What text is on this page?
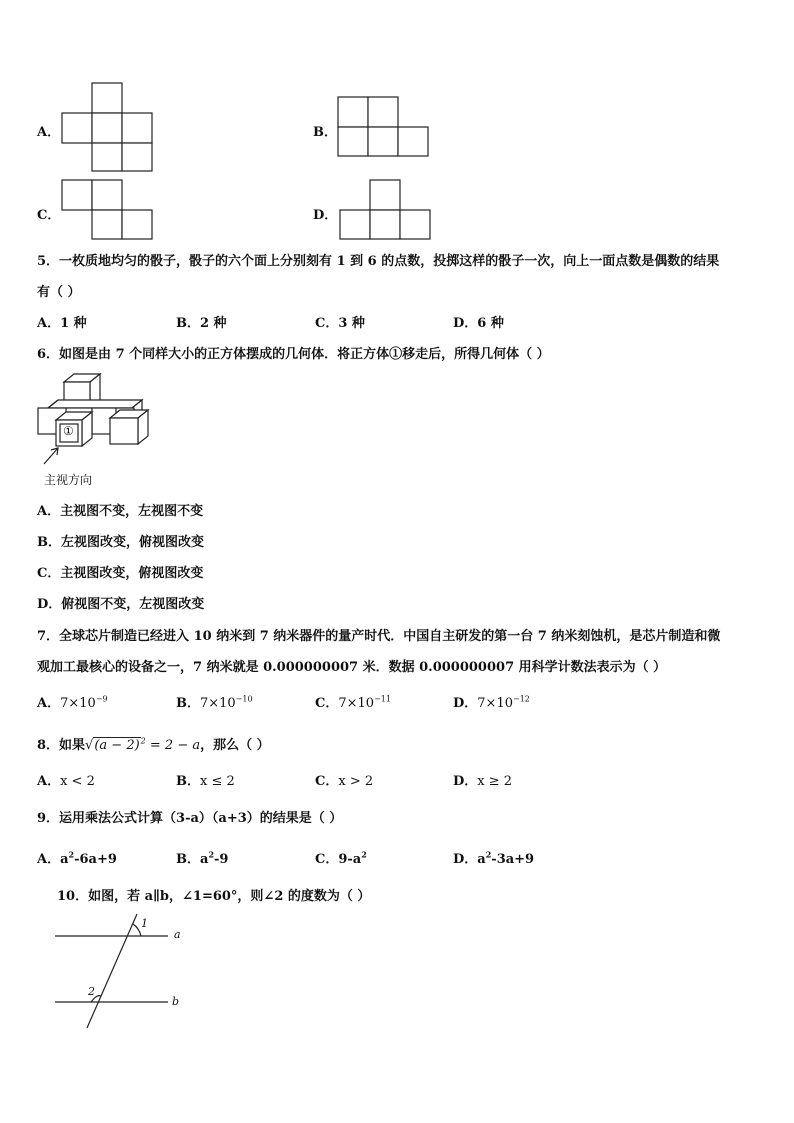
A．	B．
C．	D．
5．一枚质地均匀的骰子，骰子的六个面上分别刻有 1 到 6 的点数，投掷这样的骰子一次，向上一面点数是偶数的结果
有（ ）
A．1 种	B．2 种	C．3 种	D．6 种
6．如图是由 7 个同样大小的正方体摆成的几何体．将正方体①移走后，所得几何体（ ）
①
主视方向
A．主视图不变，左视图不变
B．左视图改变，俯视图改变
C．主视图改变，俯视图改变
D．俯视图不变，左视图改变
7．全球芯片制造已经进入 10 纳米到 7 纳米器件的量产时代．中国自主研发的第一台 7 纳米刻蚀机，是芯片制造和微
观加工最核心的设备之一，7 纳米就是 0.000000007 米．数据 0.000000007 用科学计数法表示为（ ）
A．$7\times 10^{-9}$	B．$7\times 10^{-10}$	C．$7\times 10^{-11}$	D．$7\times 10^{-12}$
8．如果$√(a - 2)^2 = 2 - a$，那么（ ）
A．x < 2	B．x ≤ 2	C．x > 2	D．x ≥ 2
9．运用乘法公式计算（3-a）（a+3）的结果是（ ）
A．$a^2-6a+9$	B．$a^2-9$	C．$9-a^2$	D．$a^2-3a+9$
10．如图，若 a∥b，∠1=60°，则∠2 的度数为（ ）
1
2
a
b
